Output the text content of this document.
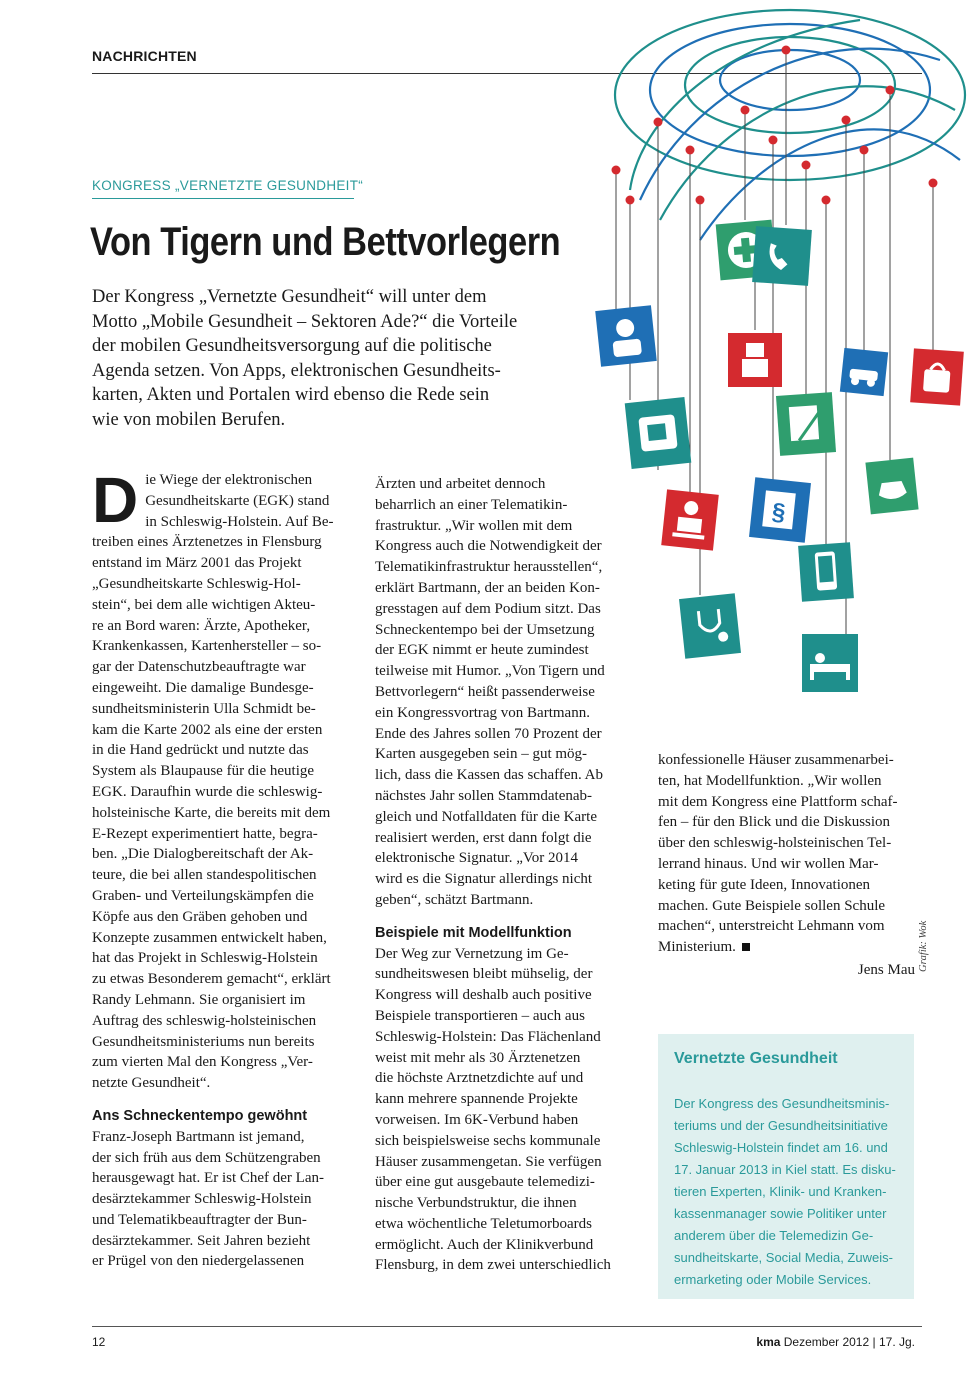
NACHRICHTEN
§
KONGRESS „VERNETZTE GESUNDHEIT“
Von Tigern und Bettvorlegern
Der Kongress „Vernetzte Gesundheit“ will unter dem
Motto „Mobile Gesundheit – Sektoren Ade?“ die Vorteile
der mobilen Gesundheitsversorgung auf die politische
Agenda setzen. Von Apps, elektronischen Gesundheits-
karten, Akten und Portalen wird ebenso die Rede sein
wie von mobilen Berufen.
D ie Wiege der elektronischen
Gesundheitskarte (EGK) stand
in Schleswig-Holstein. Auf Be-
treiben eines Ärztenetzes in Flensburg
entstand im März 2001 das Projekt
„Gesundheitskarte Schleswig-Hol-
stein“, bei dem alle wichtigen Akteu-
re an Bord waren: Ärzte, Apotheker,
Krankenkassen, Kartenhersteller – so-
gar der Datenschutzbeauftragte war
eingeweiht. Die damalige Bundesge-
sundheitsministerin Ulla Schmidt be-
kam die Karte 2002 als eine der ersten
in die Hand gedrückt und nutzte das
System als Blaupause für die heutige
EGK. Daraufhin wurde die schleswig-
holsteinische Karte, die bereits mit dem
E-Rezept experimentiert hatte, begra-
ben. „Die Dialogbereitschaft der Ak-
teure, die bei allen standespolitischen
Graben- und Verteilungskämpfen die
Köpfe aus den Gräben gehoben und
Konzepte zusammen entwickelt haben,
hat das Projekt in Schleswig-Holstein
zu etwas Besonderem gemacht“, erklärt
Randy Lehmann. Sie organisiert im
Auftrag des schleswig-holsteinischen
Gesundheitsministeriums nun bereits
zum vierten Mal den Kongress „Ver-
netzte Gesundheit“.
Ans Schneckentempo gewöhnt
Franz-Joseph Bartmann ist jemand,
der sich früh aus dem Schützengraben
herausgewagt hat. Er ist Chef der Lan-
desärztekammer Schleswig-Holstein
und Telematikbeauftragter der Bun-
desärztekammer. Seit Jahren bezieht
er Prügel von den niedergelassenen
Ärzten und arbeitet dennoch
beharrlich an einer Telematikin-
frastruktur. „Wir wollen mit dem
Kongress auch die Notwendigkeit der
Telematikinfrastruktur herausstellen“,
erklärt Bartmann, der an beiden Kon-
gresstagen auf dem Podium sitzt. Das
Schneckentempo bei der Umsetzung
der EGK nimmt er heute zumindest
teilweise mit Humor. „Von Tigern und
Bettvorlegern“ heißt passenderweise
ein Kongressvortrag von Bartmann.
Ende des Jahres sollen 70 Prozent der
Karten ausgegeben sein – gut mög-
lich, dass die Kassen das schaffen. Ab
nächstes Jahr sollen Stammdatenab-
gleich und Notfalldaten für die Karte
realisiert werden, erst dann folgt die
elektronische Signatur. „Vor 2014
wird es die Signatur allerdings nicht
geben“, schätzt Bartmann.
Beispiele mit Modellfunktion
Der Weg zur Vernetzung im Ge-
sundheitswesen bleibt mühselig, der
Kongress will deshalb auch positive
Beispiele transportieren – auch aus
Schleswig-Holstein: Das Flächenland
weist mit mehr als 30 Ärztenetzen
die höchste Arztnetzdichte auf und
kann mehrere spannende Projekte
vorweisen. Im 6K-Verbund haben
sich beispielsweise sechs kommunale
Häuser zusammengetan. Sie verfügen
über eine gut ausgebaute telemedizi-
nische Verbundstruktur, die ihnen
etwa wöchentliche Teletumorboards
ermöglicht. Auch der Klinikverbund
Flensburg, in dem zwei unterschiedlich
konfessionelle Häuser zusammenarbei-
ten, hat Modellfunktion. „Wir wollen
mit dem Kongress eine Plattform schaf-
fen – für den Blick und die Diskussion
über den schleswig-holsteinischen Tel-
lerrand hinaus. Und wir wollen Mar-
keting für gute Ideen, Innovationen
machen. Gute Beispiele sollen Schule
machen“, unterstreicht Lehmann vom
Ministerium.
Jens Mau Grafik: Wok
Vernetzte Gesundheit
Der Kongress des Gesundheitsminis-
teriums und der Gesundheitsinitiative
Schleswig-Holstein findet am 16. und
17. Januar 2013 in Kiel statt. Es disku-
tieren Experten, Klinik- und Kranken-
kassenmanager sowie Politiker unter
anderem über die Telemedizin Ge-
sundheitskarte, Social Media, Zuweis-
ermarketing oder Mobile Services.
12	kma Dezember 2012 | 17. Jg.
